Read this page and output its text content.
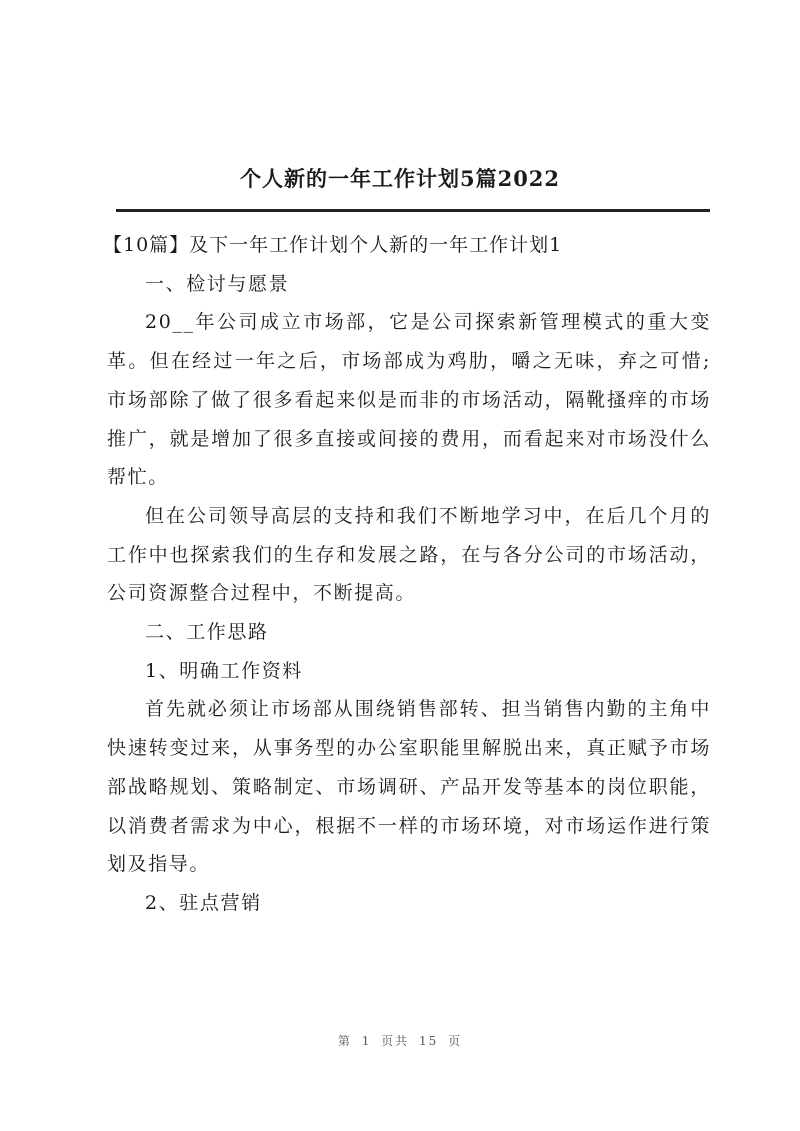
个人新的一年工作计划5篇2022

【10篇】及下一年工作计划个人新的一年工作计划1

一、检讨与愿景

20__年公司成立市场部，它是公司探索新管理模式的重大变革。但在经过一年之后，市场部成为鸡肋，嚼之无味，弃之可惜;市场部除了做了很多看起来似是而非的市场活动，隔靴搔痒的市场推广，就是增加了很多直接或间接的费用，而看起来对市场没什么帮忙。

但在公司领导高层的支持和我们不断地学习中，在后几个月的工作中也探索我们的生存和发展之路，在与各分公司的市场活动，公司资源整合过程中，不断提高。

二、工作思路

1、明确工作资料

首先就必须让市场部从围绕销售部转、担当销售内勤的主角中快速转变过来，从事务型的办公室职能里解脱出来，真正赋予市场部战略规划、策略制定、市场调研、产品开发等基本的岗位职能，以消费者需求为中心，根据不一样的市场环境，对市场运作进行策划及指导。

2、驻点营销

第 1 页共 15 页
